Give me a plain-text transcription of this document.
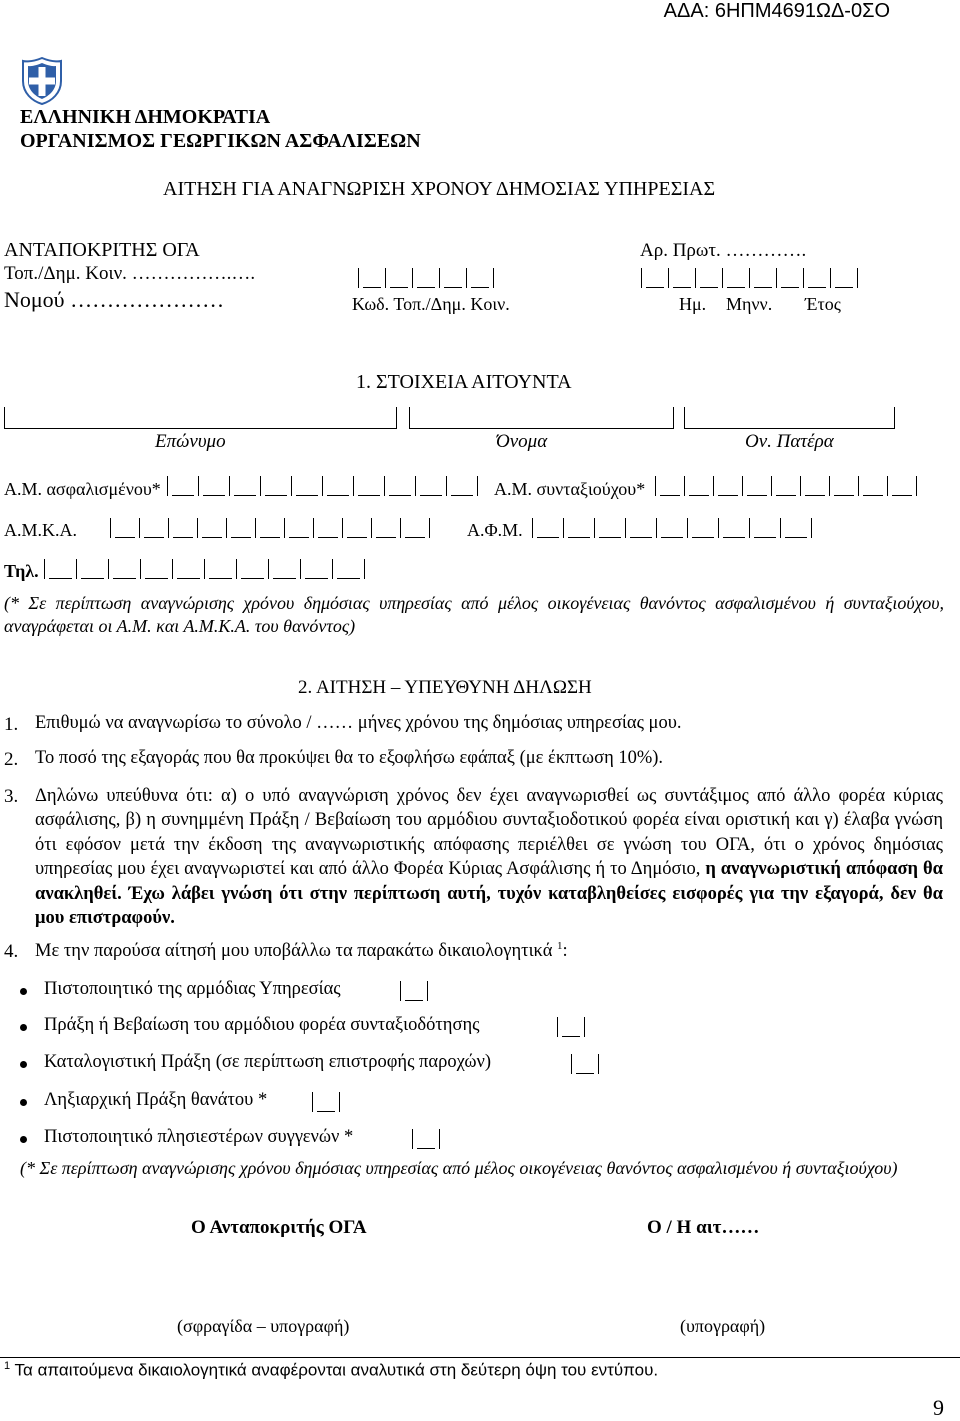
ΑΔΑ: 6ΗΠΜ4691ΩΔ-0ΣΟ
ΕΛΛΗΝΙΚΗ ΔΗΜΟΚΡΑΤΙΑ
ΟΡΓΑΝΙΣΜΟΣ ΓΕΩΡΓΙΚΩΝ ΑΣΦΑΛΙΣΕΩΝ
ΑΙΤΗΣΗ ΓΙΑ ΑΝΑΓΝΩΡΙΣΗ ΧΡΟΝΟΥ ΔΗΜΟΣΙΑΣ ΥΠΗΡΕΣΙΑΣ
ΑΝΤΑΠΟΚΡΙΤΗΣ ΟΓΑ
Τοπ./Δημ. Κοιν. …………….….
Νομού …………………	Κωδ. Τοπ./Δημ. Κοιν.
Αρ. Πρωτ. ………….
Ημ. Μηνν. Έτος
1. ΣΤΟΙΧΕΙΑ ΑΙΤΟΥΝΤΑ
Επώνυμο	Όνομα	Ον. Πατέρα
Α.Μ. ασφαλισμένου*	Α.Μ. συνταξιούχου*
Α.Μ.Κ.Α.	Α.Φ.Μ.
Τηλ.
(* Σε περίπτωση αναγνώρισης χρόνου δημόσιας υπηρεσίας από μέλος οικογένειας θανόντος ασφαλισμένου ή συνταξιούχου, αναγράφεται οι Α.Μ. και Α.Μ.Κ.Α. του θανόντος)
2. ΑΙΤΗΣΗ – ΥΠΕΥΘΥΝΗ ΔΗΛΩΣΗ
1. Επιθυμώ να αναγνωρίσω το σύνολο / …… μήνες χρόνου της δημόσιας υπηρεσίας μου.
2. Το ποσό της εξαγοράς που θα προκύψει θα το εξοφλήσω εφάπαξ (με έκπτωση 10%).
3. Δηλώνω υπεύθυνα ότι: α) ο υπό αναγνώριση χρόνος δεν έχει αναγνωρισθεί ως συντάξιμος από άλλο φορέα κύριας ασφάλισης, β) η συνημμένη Πράξη / Βεβαίωση του αρμόδιου συνταξιοδοτικού φορέα είναι οριστική και γ) έλαβα γνώση ότι εφόσον μετά την έκδοση της αναγνωριστικής απόφασης περιέλθει σε γνώση του ΟΓΑ, ότι ο χρόνος δημόσιας υπηρεσίας μου έχει αναγνωριστεί και από άλλο Φορέα Κύριας Ασφάλισης ή το Δημόσιο, η αναγνωριστική απόφαση θα ανακληθεί. Έχω λάβει γνώση ότι στην περίπτωση αυτή, τυχόν καταβληθείσες εισφορές για την εξαγορά, δεν θα μου επιστραφούν.

4. Με την παρούσα αίτησή μου υποβάλλω τα παρακάτω δικαιολογητικά $^1$:
Πιστοποιητικό της αρμόδιας Υπηρεσίας
Πράξη ή Βεβαίωση του αρμόδιου φορέα συνταξιοδότησης
Καταλογιστική Πράξη (σε περίπτωση επιστροφής παροχών)
Ληξιαρχική Πράξη θανάτου *
Πιστοποιητικό πλησιεστέρων συγγενών *
(* Σε περίπτωση αναγνώρισης χρόνου δημόσιας υπηρεσίας από μέλος οικογένειας θανόντος ασφαλισμένου ή συνταξιούχου)
Ο Ανταποκριτής ΟΓΑ	Ο / Η αιτ……
(σφραγίδα – υπογραφή)	(υπογραφή)
$^1$ Τα απαιτούμενα δικαιολογητικά αναφέρονται αναλυτικά στη δεύτερη όψη του εντύπου.
9
